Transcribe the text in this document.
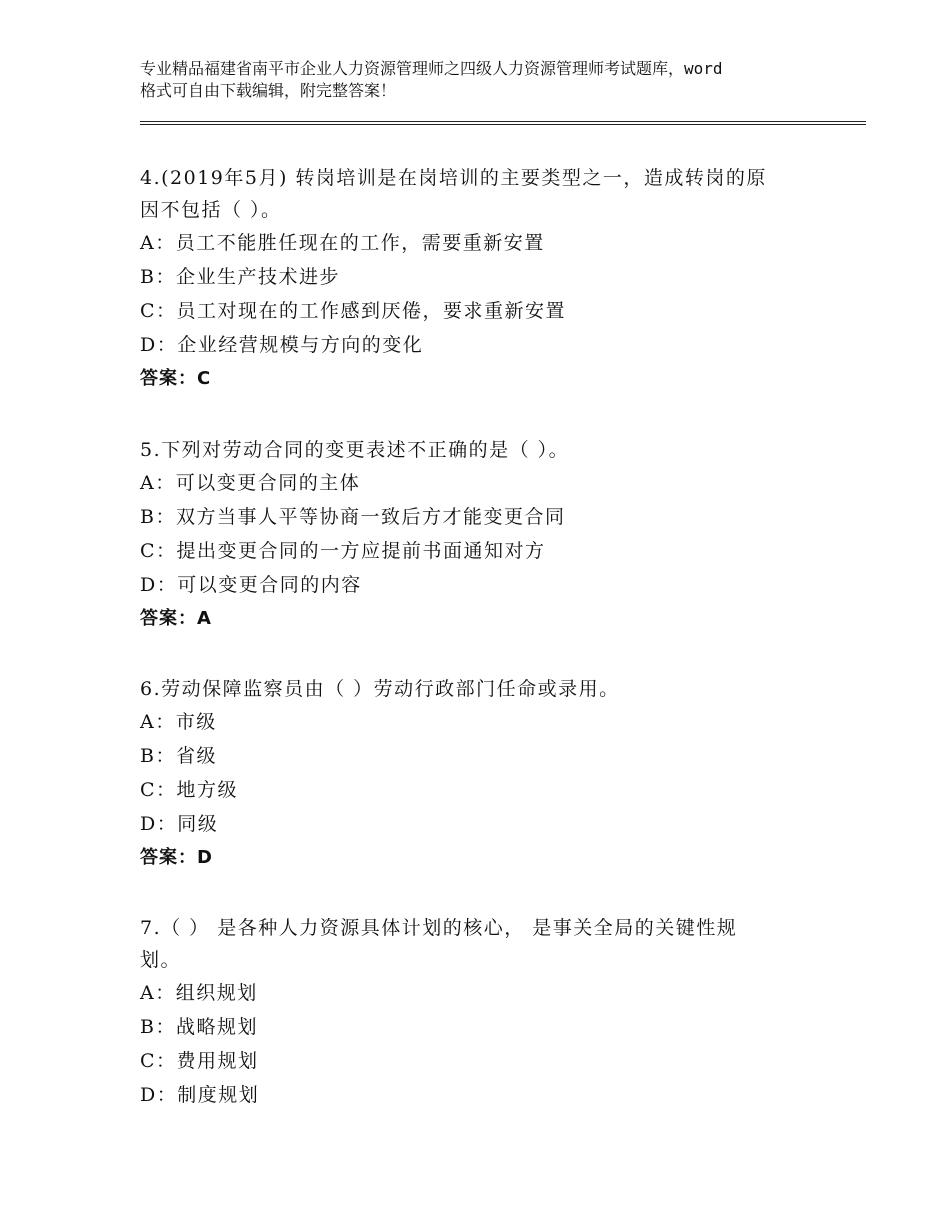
专业精品福建省南平市企业人力资源管理师之四级人力资源管理师考试题库，word
格式可自由下载编辑，附完整答案！

4.(2019年5月) 转岗培训是在岗培训的主要类型之一，造成转岗的原

因不包括（ ）。

A：员工不能胜任现在的工作，需要重新安置

B：企业生产技术进步

C：员工对现在的工作感到厌倦，要求重新安置

D：企业经营规模与方向的变化

答案：C

5.下列对劳动合同的变更表述不正确的是（ ）。

A：可以变更合同的主体

B：双方当事人平等协商一致后方才能变更合同

C：提出变更合同的一方应提前书面通知对方

D：可以变更合同的内容

答案：A

6.劳动保障监察员由（ ）劳动行政部门任命或录用。

A：市级

B：省级

C：地方级

D：同级

答案：D

7.（ ） 是各种人力资源具体计划的核心， 是事关全局的关键性规

划。

A：组织规划

B：战略规划

C：费用规划

D：制度规划
